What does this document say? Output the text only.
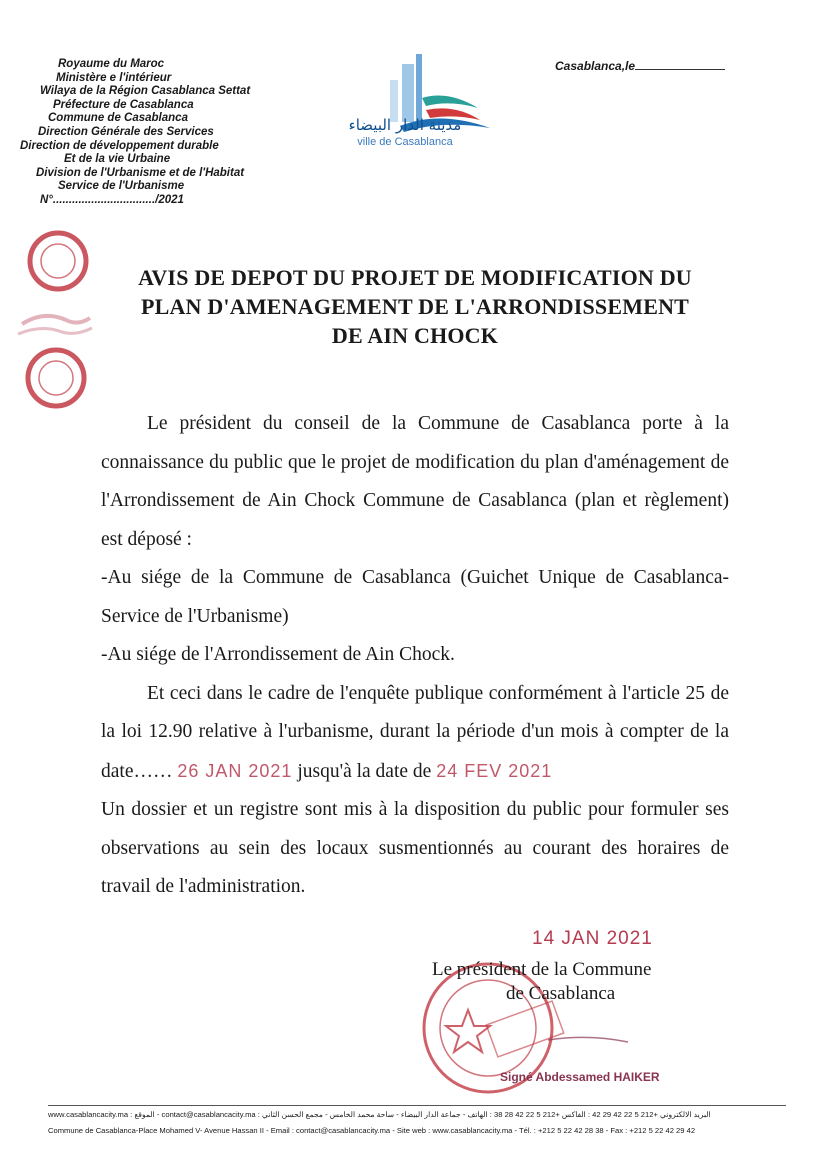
Royaume du Maroc
Ministère e l'intérieur
Wilaya de la Région Casablanca Settat
Préfecture de Casablanca
Commune de Casablanca
Direction Générale des Services
Direction de développement durable
Et de la vie Urbaine
Division de l'Urbanisme et de l'Habitat
Service de l'Urbanisme
N°................................/2021
Casablanca,le
مدينة الدار البيضاء
ville de Casablanca
AVIS DE DEPOT DU PROJET DE MODIFICATION DU
PLAN D'AMENAGEMENT DE L'ARRONDISSEMENT
DE AIN CHOCK

Le président du conseil de la Commune de Casablanca porte à la connaissance du public que le projet de modification du plan d'aménagement de l'Arrondissement de Ain Chock Commune de Casablanca (plan et règlement) est déposé :

-Au siége de la Commune de Casablanca (Guichet Unique de Casablanca-Service de l'Urbanisme)

-Au siége de l'Arrondissement de Ain Chock.

Et ceci dans le cadre de l'enquête publique conformément à l'article 25 de la loi 12.90 relative à l'urbanisme, durant la période d'un mois à compter de la date…… 26 JAN 2021 jusqu'à la date de 24 FEV 2021

Un dossier et un registre sont mis à la disposition du public pour formuler ses observations au sein des locaux susmentionnés au courant des horaires de travail de l'administration.

14 JAN 2021
Le président de la Commune
de Casablanca
Signé Abdessamed HAIKER
www.casablancacity.ma : الموقع - contact@casablancacity.ma : البريد الالكتروني +212 5 22 42 29 42 : الفاكس +212 5 22 42 28 38 : الهاتف - جماعة الدار البيضاء - ساحة محمد الخامس - مجمع الحسن الثاني
Commune de Casablanca-Place Mohamed V- Avenue Hassan II - Email : contact@casablancacity.ma - Site web : www.casablancacity.ma - Tél. : +212 5 22 42 28 38 - Fax : +212 5 22 42 29 42
